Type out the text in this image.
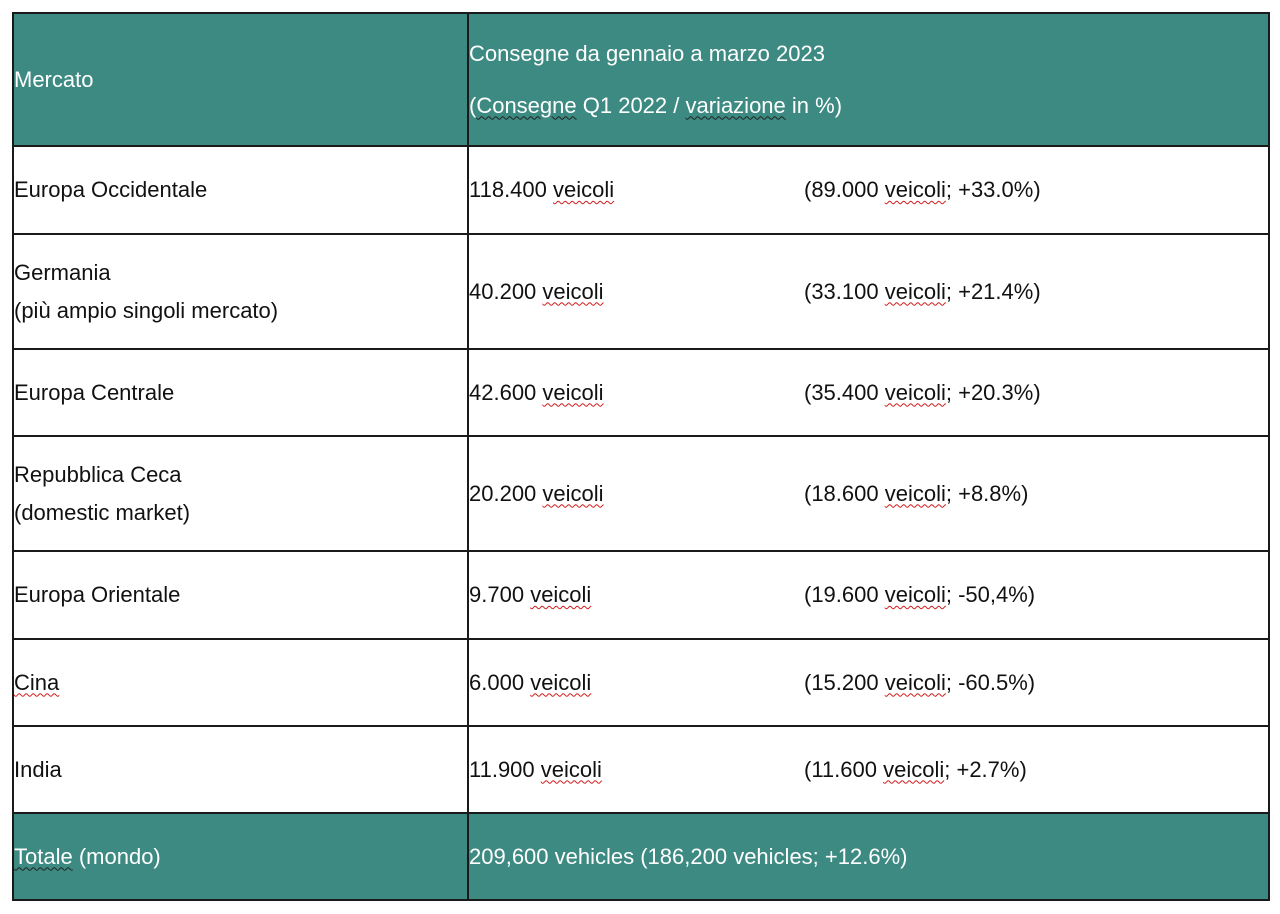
Mercato	Consegne da gennaio a marzo 2023
(Consegne Q1 2022 / variazione in %)

Europa Occidentale	118.400 veicoli (89.000 veicoli; +33.0%)

Germania
(più ampio singoli mercato)	40.200 veicoli (33.100 veicoli; +21.4%)
Europa Centrale	42.600 veicoli (35.400 veicoli; +20.3%)

Repubblica Ceca
(domestic market)	20.200 veicoli (18.600 veicoli; +8.8%)
Europa Orientale	9.700 veicoli (19.600 veicoli; -50,4%)
Cina	6.000 veicoli (15.200 veicoli; -60.5%)
India	11.900 veicoli (11.600 veicoli; +2.7%)
Totale (mondo)	209,600 vehicles (186,200 vehicles; +12.6%)
